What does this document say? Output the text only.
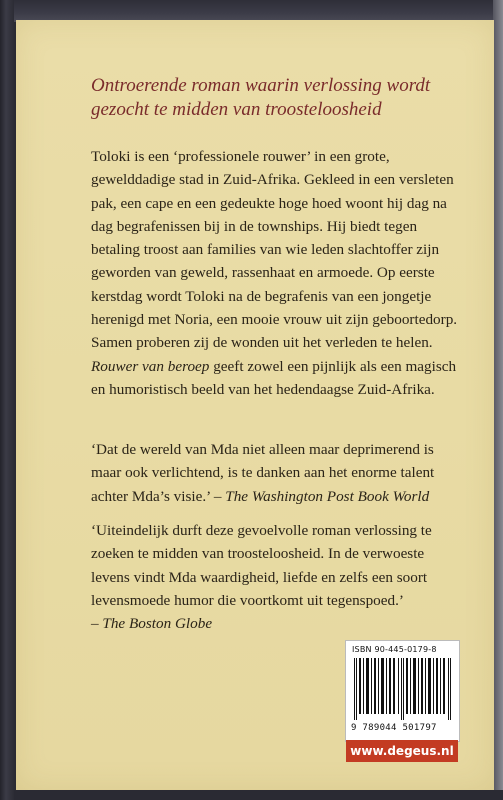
Ontroerende roman waarin verlossing wordt gezocht te midden van troosteloosheid

Toloki is een ‘professionele rouwer’ in een grote, gewelddadige stad in Zuid-Afrika. Gekleed in een versleten pak, een cape en een gedeukte hoge hoed woont hij dag na dag begrafenissen bij in de townships. Hij biedt tegen betaling troost aan families van wie leden slachtoffer zijn geworden van geweld, rassenhaat en armoede. Op eerste kerstdag wordt Toloki na de begrafenis van een jongetje herenigd met Noria, een mooie vrouw uit zijn geboortedorp. Samen proberen zij de wonden uit het verleden te helen. Rouwer van beroep geeft zowel een pijnlijk als een magisch en humoristisch beeld van het hedendaagse Zuid-Afrika.

‘Dat de wereld van Mda niet alleen maar deprimerend is maar ook verlichtend, is te danken aan het enorme talent achter Mda’s visie.’ – The Washington Post Book World
‘Uiteindelijk durft deze gevoelvolle roman verlossing te zoeken te midden van troosteloosheid. In de verwoeste levens vindt Mda waardigheid, liefde en zelfs een soort levensmoede humor die voortkomt uit tegenspoed.’
– The Boston Globe
ISBN 90-445-0179-8
9 789044 501797
www.degeus.nl
